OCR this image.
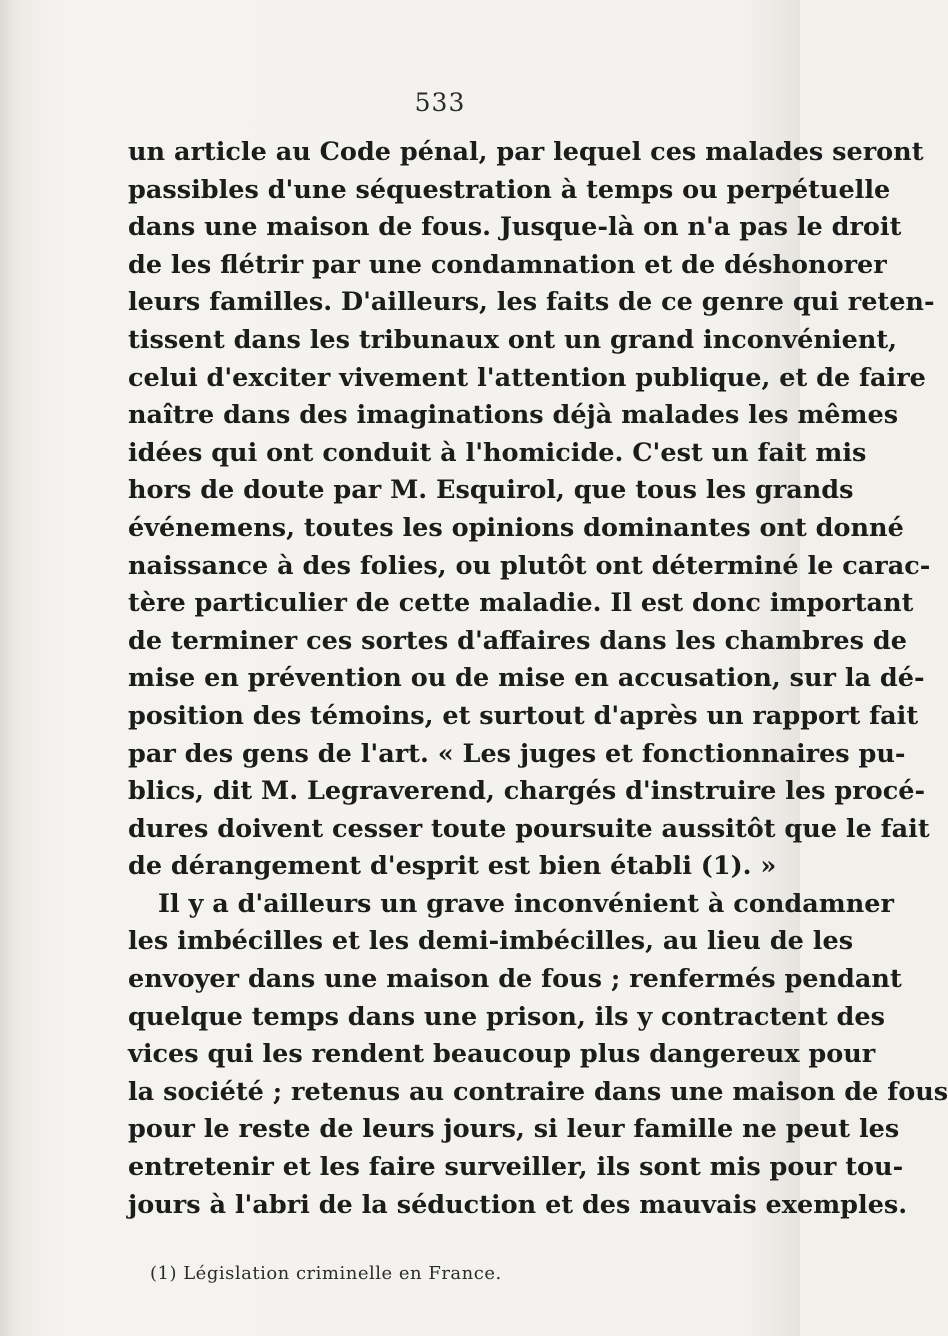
533
un article au Code pénal, par lequel ces malades seront
passibles d'une séquestration à temps ou perpétuelle
dans une maison de fous. Jusque-là on n'a pas le droit
de les flétrir par une condamnation et de déshonorer
leurs familles. D'ailleurs, les faits de ce genre qui reten-
tissent dans les tribunaux ont un grand inconvénient,
celui d'exciter vivement l'attention publique, et de faire
naître dans des imaginations déjà malades les mêmes
idées qui ont conduit à l'homicide. C'est un fait mis
hors de doute par M. Esquirol, que tous les grands
événemens, toutes les opinions dominantes ont donné
naissance à des folies, ou plutôt ont déterminé le carac-
tère particulier de cette maladie. Il est donc important
de terminer ces sortes d'affaires dans les chambres de
mise en prévention ou de mise en accusation, sur la dé-
position des témoins, et surtout d'après un rapport fait
par des gens de l'art. « Les juges et fonctionnaires pu-
blics, dit M. Legraverend, chargés d'instruire les procé-
dures doivent cesser toute poursuite aussitôt que le fait
de dérangement d'esprit est bien établi (1). »
Il y a d'ailleurs un grave inconvénient à condamner
les imbécilles et les demi-imbécilles, au lieu de les
envoyer dans une maison de fous ; renfermés pendant
quelque temps dans une prison, ils y contractent des
vices qui les rendent beaucoup plus dangereux pour
la société ; retenus au contraire dans une maison de fous
pour le reste de leurs jours, si leur famille ne peut les
entretenir et les faire surveiller, ils sont mis pour tou-
jours à l'abri de la séduction et des mauvais exemples.
(1) Législation criminelle en France.
